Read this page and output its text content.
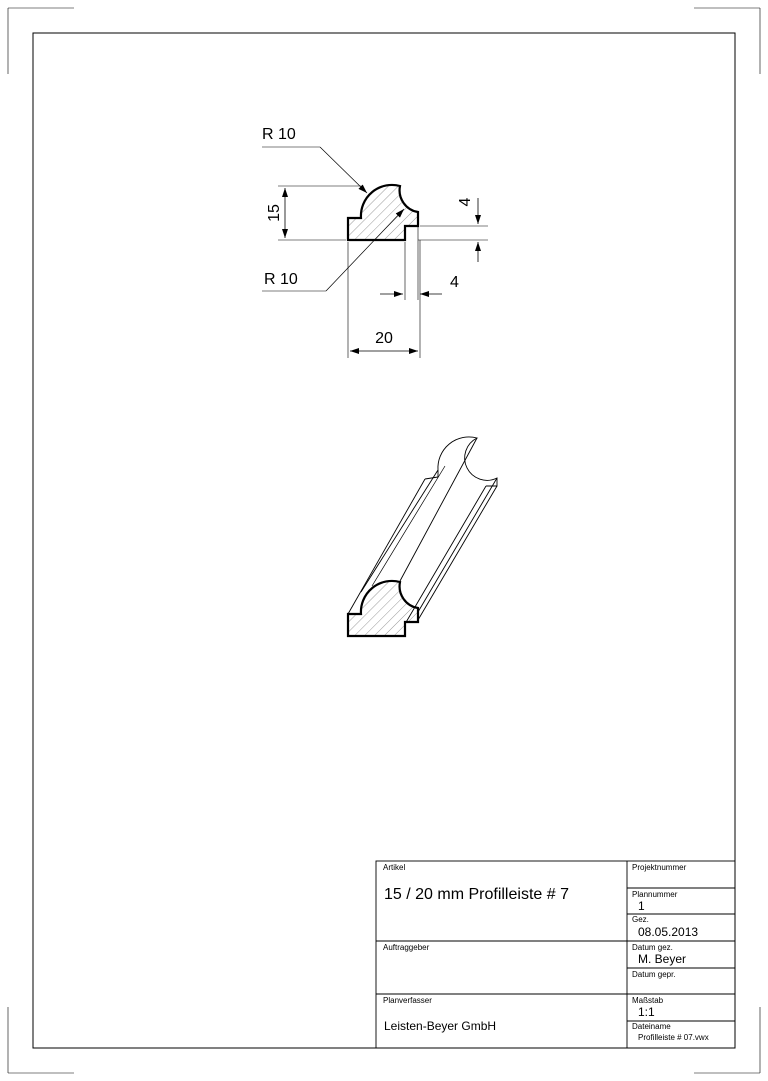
15
4
4
20
R 10
R 10
Artikel
15 / 20 mm Profilleiste # 7
Projektnummer
Plannummer
1
Gez.
08.05.2013
Auftraggeber	Datum gez.
M. Beyer
Datum gepr.
Planverfasser
Leisten-Beyer GmbH
Maßstab
1:1
Dateiname
Profilleiste # 07.vwx
